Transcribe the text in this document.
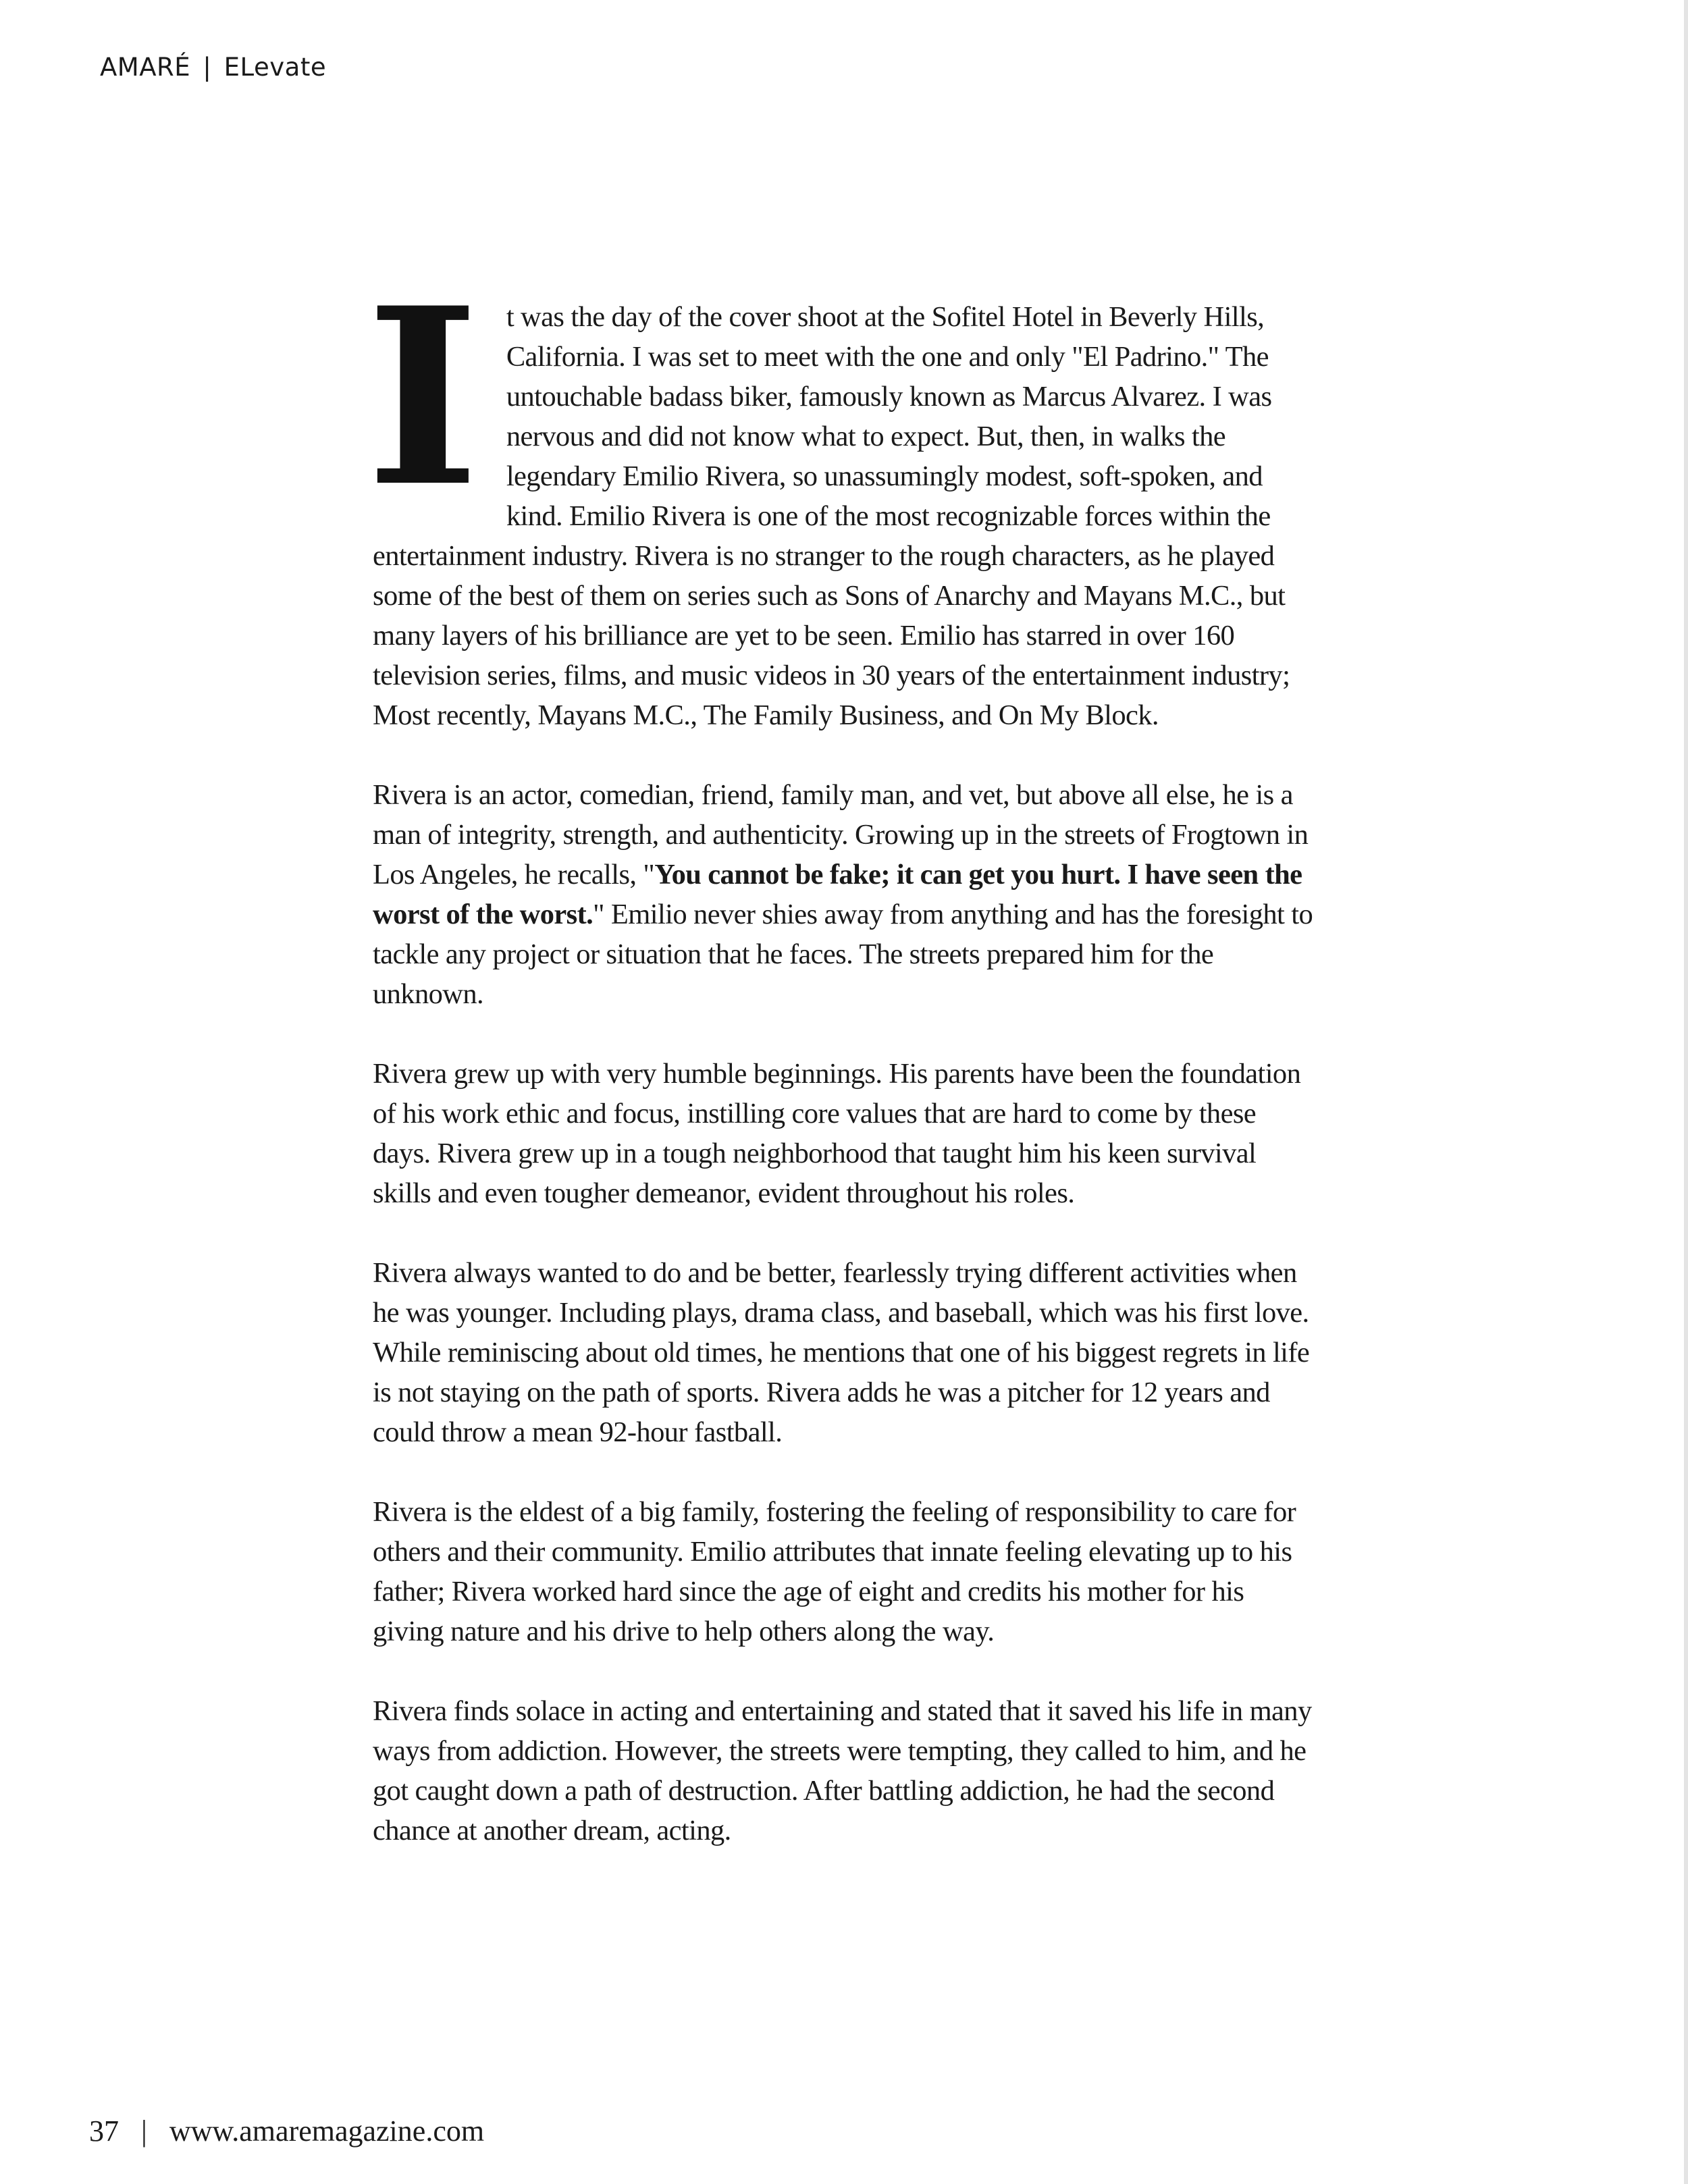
AMARÉ | ELevate

It was the day of the cover shoot at the Sofitel Hotel in Beverly Hills, California. I was set to meet with the one and only "El Padrino." The untouchable badass biker, famously known as Marcus Alvarez. I was nervous and did not know what to expect. But, then, in walks the legendary Emilio Rivera, so unassumingly modest, soft-spoken, and kind. Emilio Rivera is one of the most recognizable forces within the entertainment industry. Rivera is no stranger to the rough characters, as he played some of the best of them on series such as Sons of Anarchy and Mayans M.C., but many layers of his brilliance are yet to be seen. Emilio has starred in over 160 television series, films, and music videos in 30 years of the entertainment industry; Most recently, Mayans M.C., The Family Business, and On My Block.

Rivera is an actor, comedian, friend, family man, and vet, but above all else, he is a man of integrity, strength, and authenticity. Growing up in the streets of Frogtown in Los Angeles, he recalls, "You cannot be fake; it can get you hurt. I have seen the worst of the worst." Emilio never shies away from anything and has the foresight to tackle any project or situation that he faces. The streets prepared him for the unknown.

Rivera grew up with very humble beginnings. His parents have been the foundation of his work ethic and focus, instilling core values that are hard to come by these days. Rivera grew up in a tough neighborhood that taught him his keen survival skills and even tougher demeanor, evident throughout his roles.

Rivera always wanted to do and be better, fearlessly trying different activities when he was younger. Including plays, drama class, and baseball, which was his first love. While reminiscing about old times, he mentions that one of his biggest regrets in life is not staying on the path of sports. Rivera adds he was a pitcher for 12 years and could throw a mean 92-hour fastball.

Rivera is the eldest of a big family, fostering the feeling of responsibility to care for others and their community. Emilio attributes that innate feeling elevating up to his father; Rivera worked hard since the age of eight and credits his mother for his giving nature and his drive to help others along the way.

Rivera finds solace in acting and entertaining and stated that it saved his life in many ways from addiction. However, the streets were tempting, they called to him, and he got caught down a path of destruction. After battling addiction, he had the second chance at another dream, acting.

37 | www.amaremagazine.com
